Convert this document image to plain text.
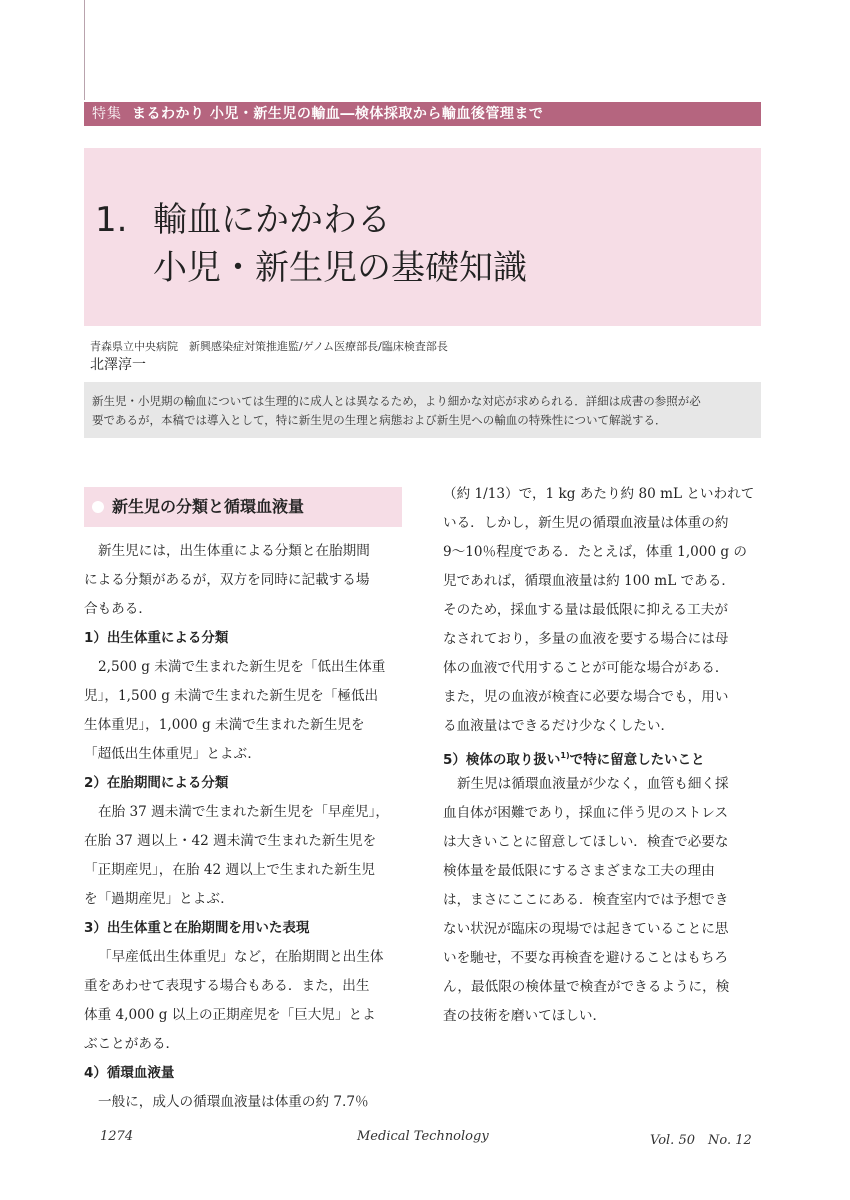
特集 まるわかり 小児・新生児の輸血―検体採取から輸血後管理まで
1. 輸血にかかわる
小児・新生児の基礎知識
青森県立中央病院　新興感染症対策推進監/ゲノム医療部長/臨床検査部長
北澤淳一
新生児・小児期の輸血については生理的に成人とは異なるため，より細かな対応が求められる．詳細は成書の参照が必
要であるが，本稿では導入として，特に新生児の生理と病態および新生児への輸血の特殊性について解説する．
新生児の分類と循環血液量
新生児には，出生体重による分類と在胎期間
による分類があるが，双方を同時に記載する場
合もある．
1）出生体重による分類
2,500 g 未満で生まれた新生児を「低出生体重
児」，1,500 g 未満で生まれた新生児を「極低出
生体重児」，1,000 g 未満で生まれた新生児を
「超低出生体重児」とよぶ．
2）在胎期間による分類
在胎 37 週未満で生まれた新生児を「早産児」，
在胎 37 週以上・42 週未満で生まれた新生児を
「正期産児」，在胎 42 週以上で生まれた新生児
を「過期産児」とよぶ．
3）出生体重と在胎期間を用いた表現
「早産低出生体重児」など，在胎期間と出生体
重をあわせて表現する場合もある．また，出生
体重 4,000 g 以上の正期産児を「巨大児」とよ
ぶことがある．
4）循環血液量
一般に，成人の循環血液量は体重の約 7.7％
（約 1/13）で，1 kg あたり約 80 mL といわれて
いる．しかし，新生児の循環血液量は体重の約
9～10％程度である．たとえば，体重 1,000 g の
児であれば，循環血液量は約 100 mL である．
そのため，採血する量は最低限に抑える工夫が
なされており，多量の血液を要する場合には母
体の血液で代用することが可能な場合がある．
また，児の血液が検査に必要な場合でも，用い
る血液量はできるだけ少なくしたい．
5）検体の取り扱い$^{1)}$で特に留意したいこと
新生児は循環血液量が少なく，血管も細く採
血自体が困難であり，採血に伴う児のストレス
は大きいことに留意してほしい．検査で必要な
検体量を最低限にするさまざまな工夫の理由
は，まさにここにある．検査室内では予想でき
ない状況が臨床の現場では起きていることに思
いを馳せ，不要な再検査を避けることはもちろ
ん，最低限の検体量で検査ができるように，検
査の技術を磨いてほしい．
1274	Medical Technology	Vol. 50　No. 12
